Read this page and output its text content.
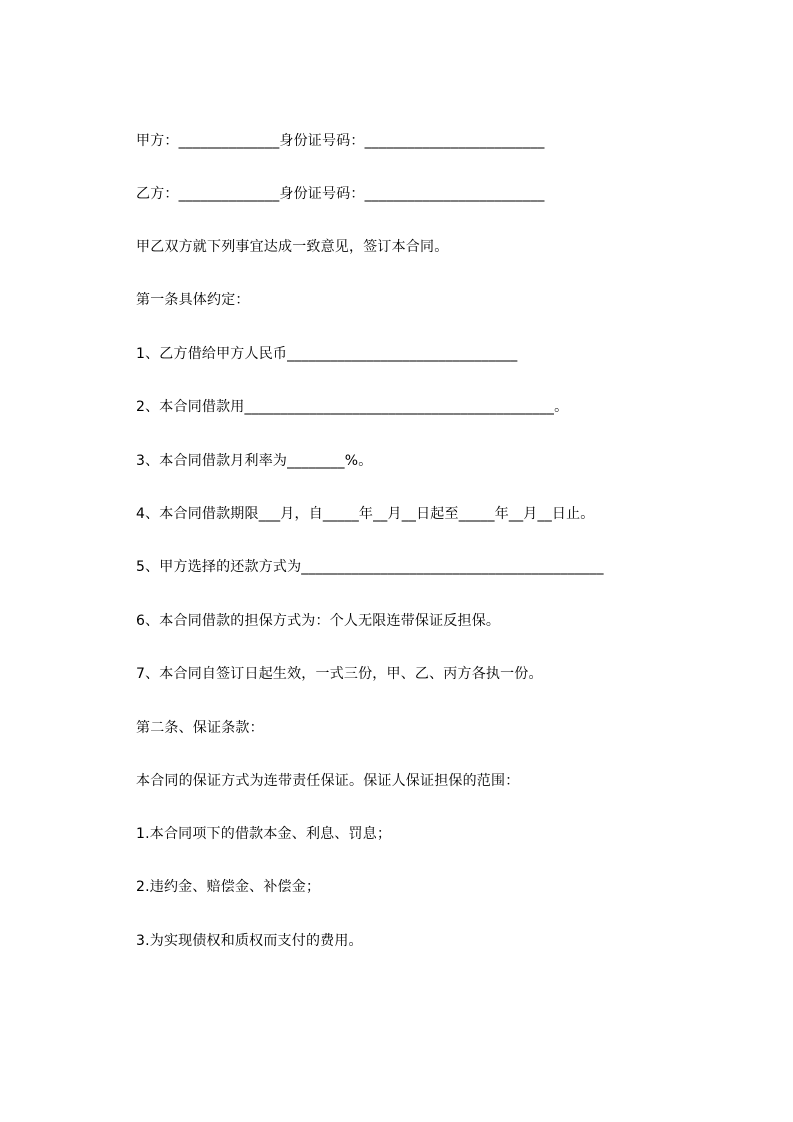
甲方：______________身份证号码：_________________________
乙方：______________身份证号码：_________________________
甲乙双方就下列事宜达成一致意见，签订本合同。
第一条具体约定：
1、乙方借给甲方人民币________________________________
2、本合同借款用___________________________________________。
3、本合同借款月利率为________%。
4、本合同借款期限___月，自_____年__月__日起至_____年__月__日止。
5、甲方选择的还款方式为__________________________________________
6、本合同借款的担保方式为：个人无限连带保证反担保。
7、本合同自签订日起生效，一式三份，甲、乙、丙方各执一份。
第二条、保证条款：
本合同的保证方式为连带责任保证。保证人保证担保的范围：
1.本合同项下的借款本金、利息、罚息；
2.违约金、赔偿金、补偿金；
3.为实现债权和质权而支付的费用。
